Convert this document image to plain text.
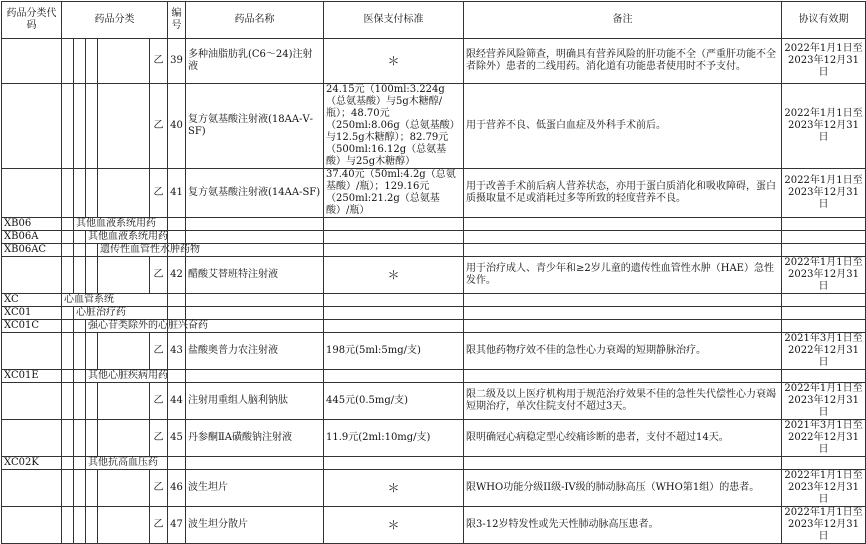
药品分类代码	药品分类					编号	药品名称	医保支付标准	备注	协议有效期
					乙	39	多种油脂肪乳(C6～24)注射液	＊	限经营养风险筛查，明确具有营养风险的肝功能不全（严重肝功能不全者除外）患者的二线用药。消化道有功能患者使用时不予支付。	2022年1月1日至2023年12月31日
					乙	40	复方氨基酸注射液(18AA-Ⅴ-SF)	24.15元（100ml:3.224g（总氨基酸）与5g木糖醇/瓶）；48.70元（250ml:8.06g（总氨基酸）与12.5g木糖醇）；82.79元（500ml:16.12g（总氨基酸）与25g木糖醇）	用于营养不良、低蛋白血症及外科手术前后。	2022年1月1日至2023年12月31日
					乙	41	复方氨基酸注射液(14AA-SF)	37.40元（50ml:4.2g（总氨基酸）/瓶）；129.16元（250ml:21.2g（总氨基酸）/瓶）	用于改善手术前后病人营养状态，亦用于蛋白质消化和吸收障碍，蛋白质摄取量不足或消耗过多等所致的轻度营养不良。	2022年1月1日至2023年12月31日
XB06		其他血液系统用药								
XB06A			其他血液系统用药							
XB06AC				遗传性血管性水肿药物						
					乙	42	醋酸艾替班特注射液	＊	用于治疗成人、青少年和≥2岁儿童的遗传性血管性水肿（HAE）急性发作。	2022年1月1日至2023年12月31日
XC	心血管系统									
XC01		心脏治疗药								
XC01C			强心苷类除外的心脏兴奋药							
					乙	43	盐酸奥普力农注射液	198元(5ml:5mg/支)	限其他药物疗效不佳的急性心力衰竭的短期静脉治疗。	2021年3月1日至2022年12月31日
XC01E			其他心脏疾病用药							
					乙	44	注射用重组人脑利钠肽	445元(0.5mg/支)	限二级及以上医疗机构用于规范治疗效果不佳的急性失代偿性心力衰竭短期治疗，单次住院支付不超过3天。	2022年1月1日至2023年12月31日
					乙	45	丹参酮ⅡA磺酸钠注射液	11.9元(2ml:10mg/支)	限明确冠心病稳定型心绞痛诊断的患者，支付不超过14天。	2021年3月1日至2022年12月31日
XC02K			其他抗高血压药							
					乙	46	波生坦片	＊	限WHO功能分级II级-IV级的肺动脉高压（WHO第1组）的患者。	2022年1月1日至2023年12月31日
					乙	47	波生坦分散片	＊	限3-12岁特发性或先天性肺动脉高压患者。	2022年1月1日至2023年12月31日
